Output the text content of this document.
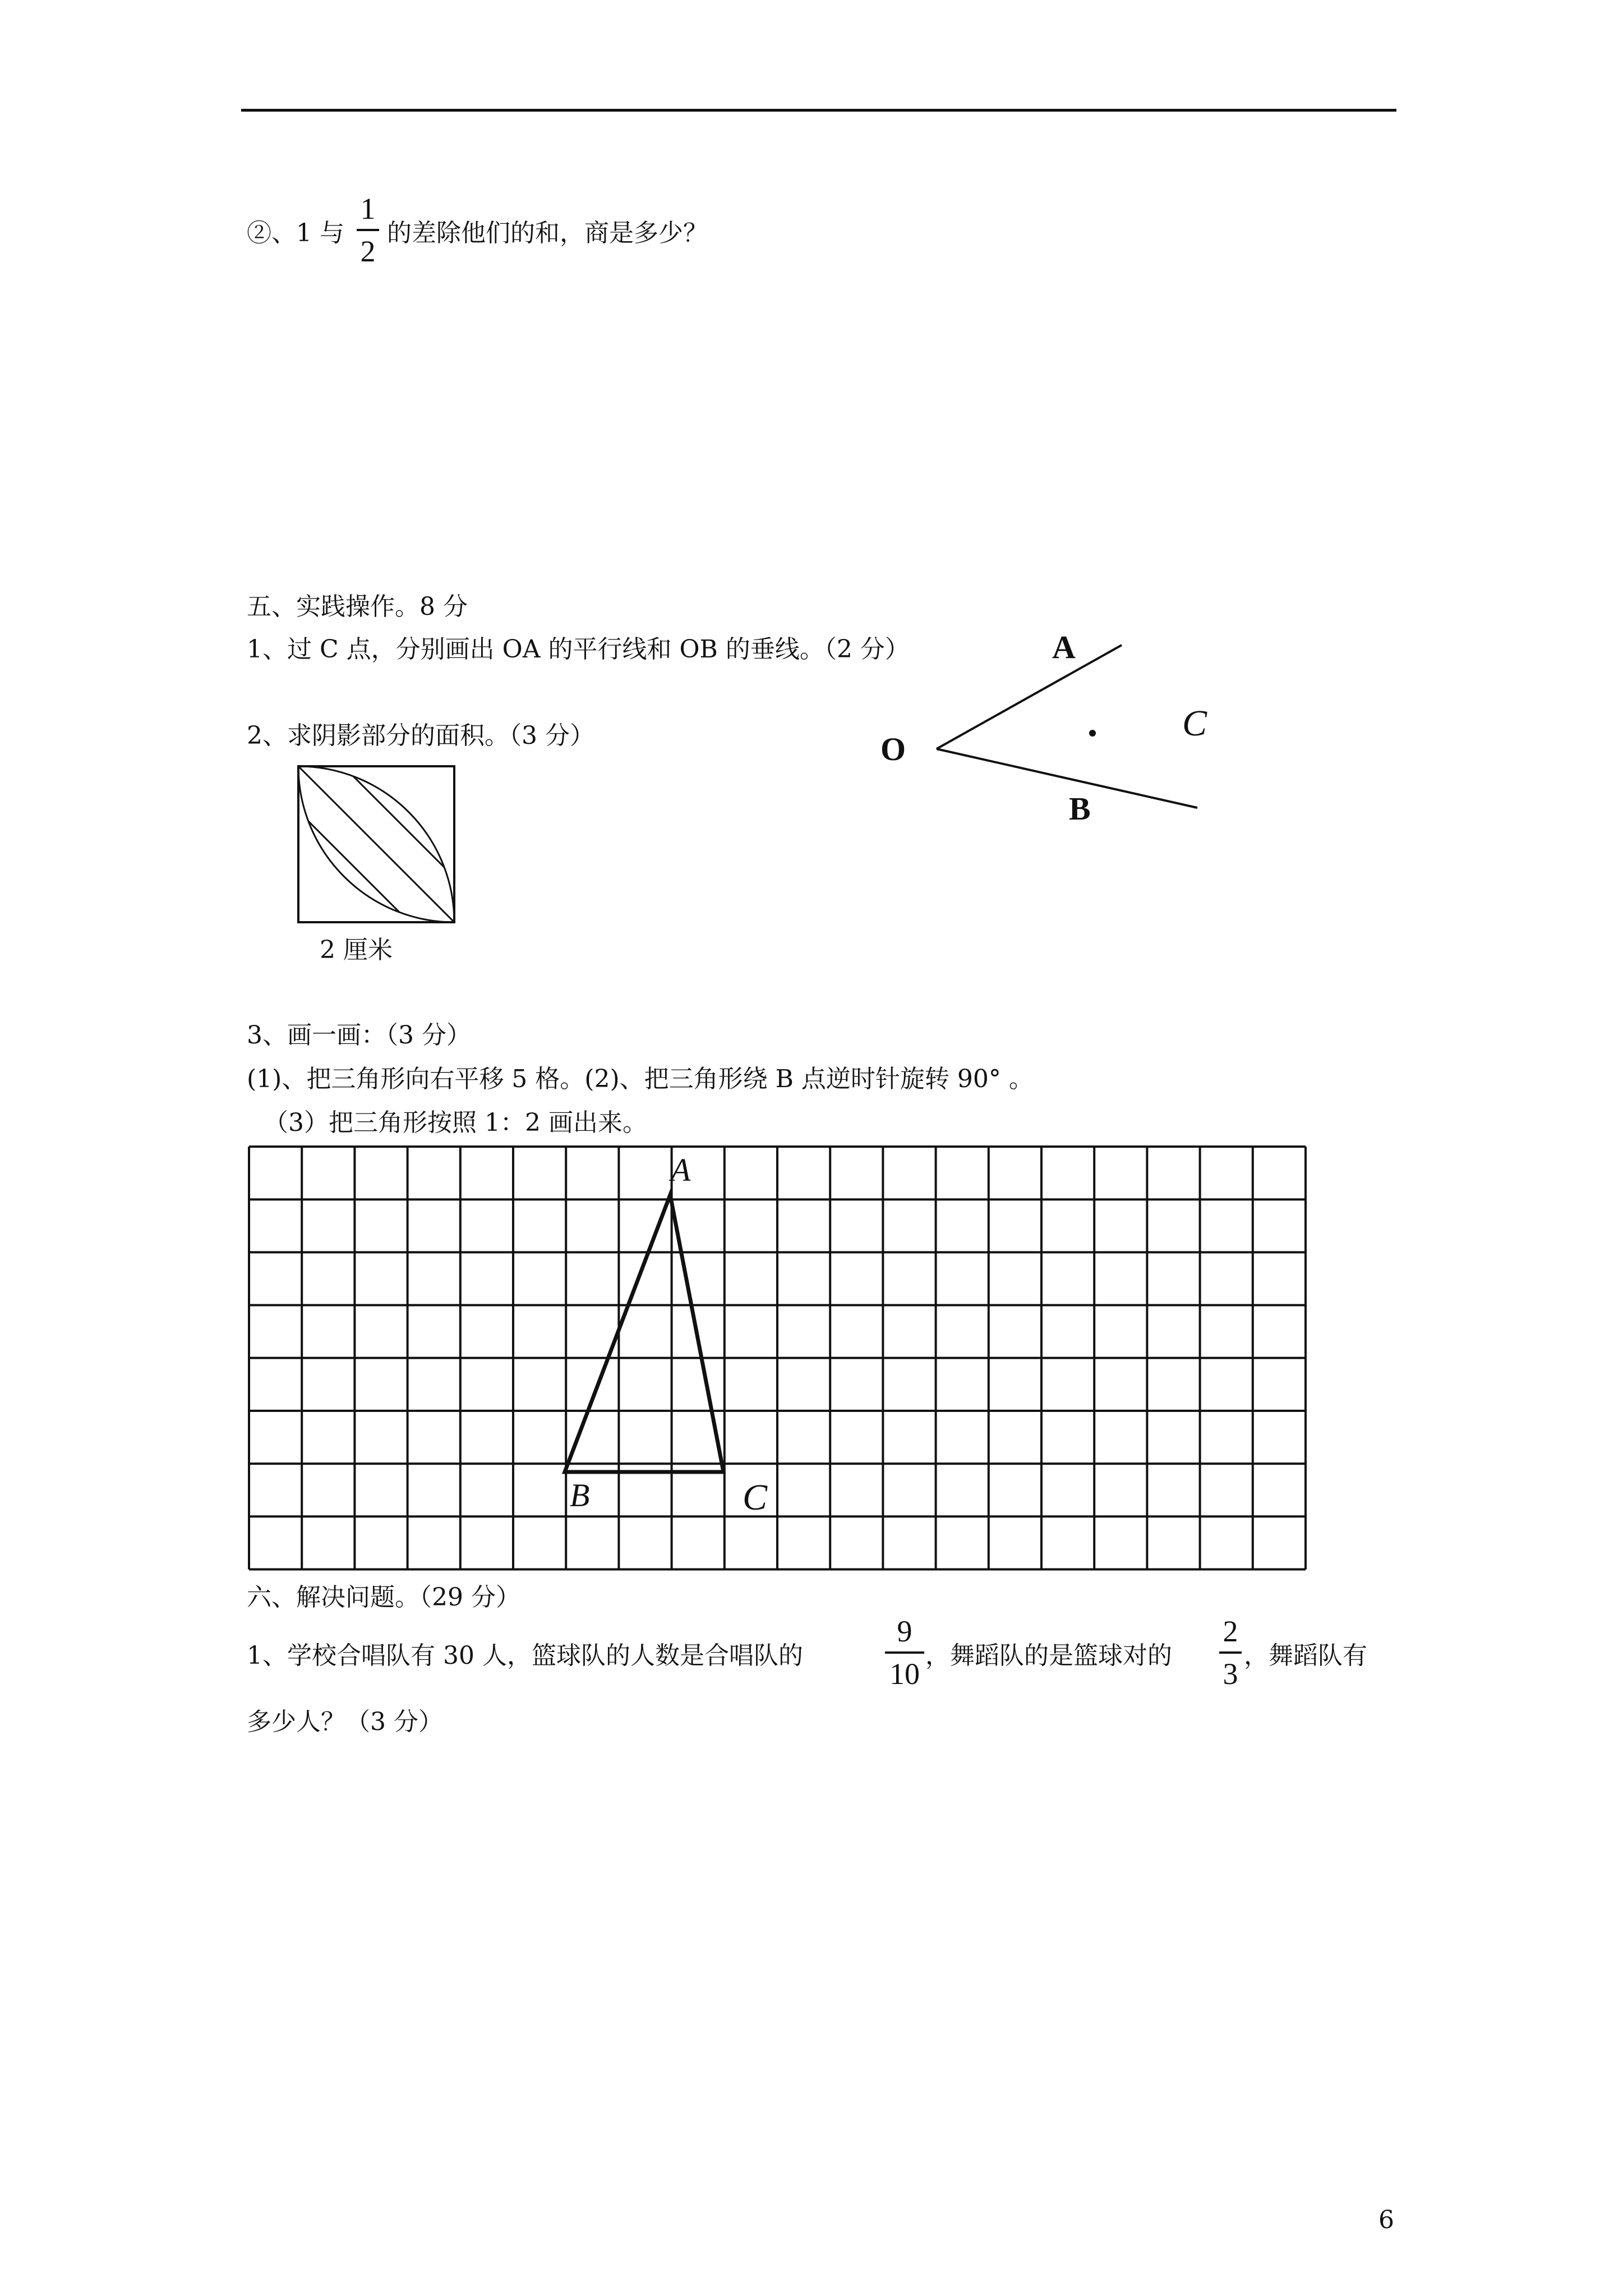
②、1 与
1
2
的差除他们的和，商是多少？
五、实践操作。8 分
1、过 C 点，分别画出 OA 的平行线和 OB 的垂线。（2 分）
2、求阴影部分的面积。（3 分）
A
O
B
C
2 厘米
3、画一画：（3 分）
(1)、把三角形向右平移 5 格。(2)、把三角形绕 B 点逆时针旋转 90° 。
（3）把三角形按照 1：2 画出来。
A
B	C
六、解决问题。（29 分）
1、学校合唱队有 30 人，篮球队的人数是合唱队的
9
10
，舞蹈队的是篮球对的
2
3
，舞蹈队有
多少人？（3 分）
6
